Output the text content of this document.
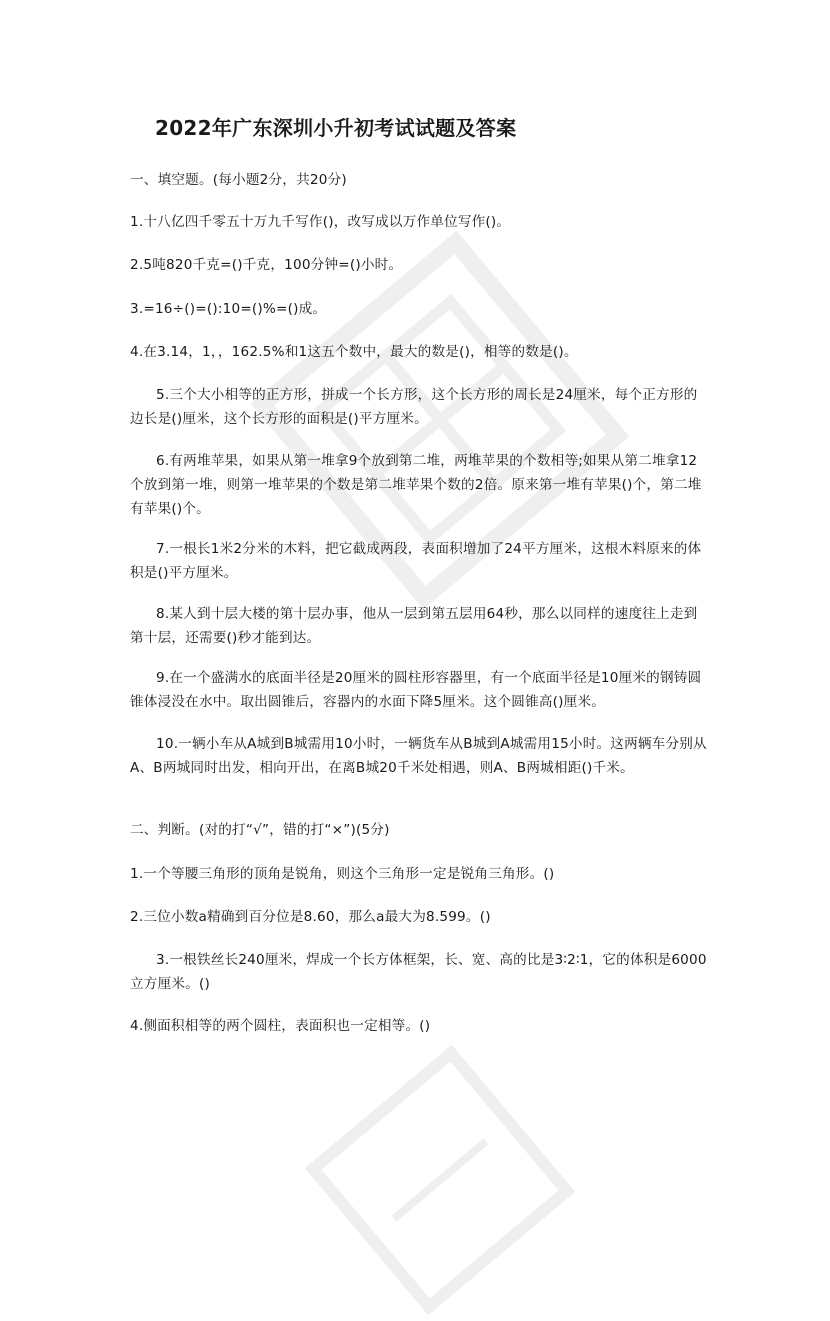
2022年广东深圳小升初考试试题及答案
一、填空题。(每小题2分，共20分)
1.十八亿四千零五十万九千写作()，改写成以万作单位写作()。
2.5吨820千克=()千克，100分钟=()小时。
3.=16÷()=():10=()%=()成。
4.在3.14，1，，162.5%和1这五个数中，最大的数是()，相等的数是()。
5.三个大小相等的正方形，拼成一个长方形，这个长方形的周长是24厘米，每个正方形的边长是()厘米，这个长方形的面积是()平方厘米。
6.有两堆苹果，如果从第一堆拿9个放到第二堆，两堆苹果的个数相等;如果从第二堆拿12个放到第一堆，则第一堆苹果的个数是第二堆苹果个数的2倍。原来第一堆有苹果()个，第二堆有苹果()个。
7.一根长1米2分米的木料，把它截成两段，表面积增加了24平方厘米，这根木料原来的体积是()平方厘米。
8.某人到十层大楼的第十层办事，他从一层到第五层用64秒，那么以同样的速度往上走到第十层，还需要()秒才能到达。
9.在一个盛满水的底面半径是20厘米的圆柱形容器里，有一个底面半径是10厘米的钢铸圆锥体浸没在水中。取出圆锥后，容器内的水面下降5厘米。这个圆锥高()厘米。
10.一辆小车从A城到B城需用10小时，一辆货车从B城到A城需用15小时。这两辆车分别从A、B两城同时出发，相向开出，在离B城20千米处相遇，则A、B两城相距()千米。
二、判断。(对的打“√”，错的打“×”)(5分)
1.一个等腰三角形的顶角是锐角，则这个三角形一定是锐角三角形。()
2.三位小数a精确到百分位是8.60，那么a最大为8.599。()
3.一根铁丝长240厘米，焊成一个长方体框架，长、宽、高的比是3∶2∶1，它的体积是6000立方厘米。()
4.侧面积相等的两个圆柱，表面积也一定相等。()
